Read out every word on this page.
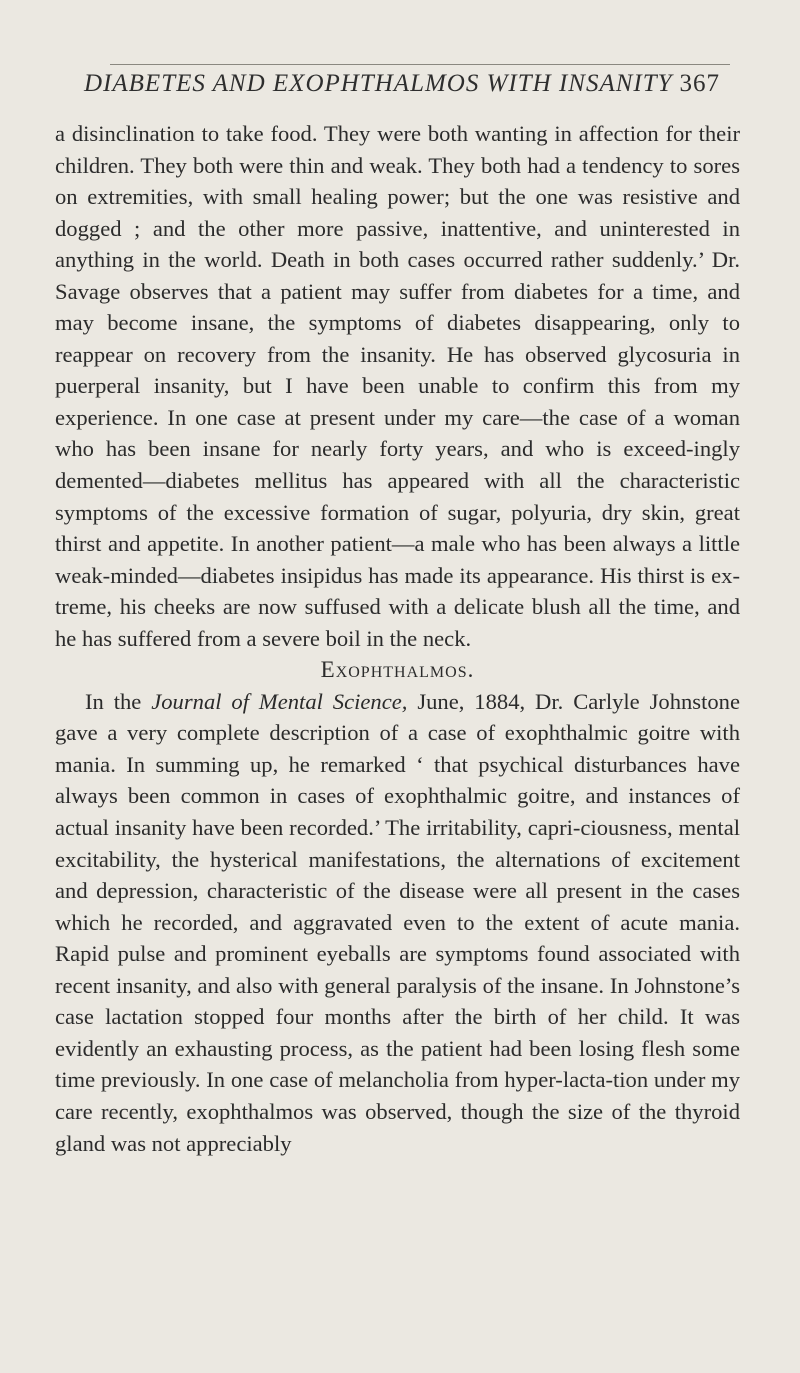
DIABETES AND EXOPHTHALMOS WITH INSANITY 367

a disinclination to take food. They were both wanting in affection for their children. They both were thin and weak. They both had a tendency to sores on extremities, with small healing power; but the one was resistive and dogged ; and the other more passive, inattentive, and uninterested in anything in the world. Death in both cases occurred rather suddenly.’ Dr. Savage observes that a patient may suffer from diabetes for a time, and may become insane, the symptoms of diabetes disappearing, only to reappear on recovery from the insanity. He has observed glycosuria in puerperal insanity, but I have been unable to confirm this from my experience. In one case at present under my care—the case of a woman who has been insane for nearly forty years, and who is exceed-ingly demented—diabetes mellitus has appeared with all the characteristic symptoms of the excessive formation of sugar, polyuria, dry skin, great thirst and appetite. In another patient—a male who has been always a little weak-minded—diabetes insipidus has made its appearance. His thirst is ex-treme, his cheeks are now suffused with a delicate blush all the time, and he has suffered from a severe boil in the neck.

Exophthalmos.

In the Journal of Mental Science, June, 1884, Dr. Carlyle Johnstone gave a very complete description of a case of exophthalmic goitre with mania. In summing up, he remarked ‘ that psychical disturbances have always been common in cases of exophthalmic goitre, and instances of actual insanity have been recorded.’ The irritability, capri-ciousness, mental excitability, the hysterical manifestations, the alternations of excitement and depression, characteristic of the disease were all present in the cases which he recorded, and aggravated even to the extent of acute mania. Rapid pulse and prominent eyeballs are symptoms found associated with recent insanity, and also with general paralysis of the insane. In Johnstone’s case lactation stopped four months after the birth of her child. It was evidently an exhausting process, as the patient had been losing flesh some time previously. In one case of melancholia from hyper-lacta-tion under my care recently, exophthalmos was observed, though the size of the thyroid gland was not appreciably
